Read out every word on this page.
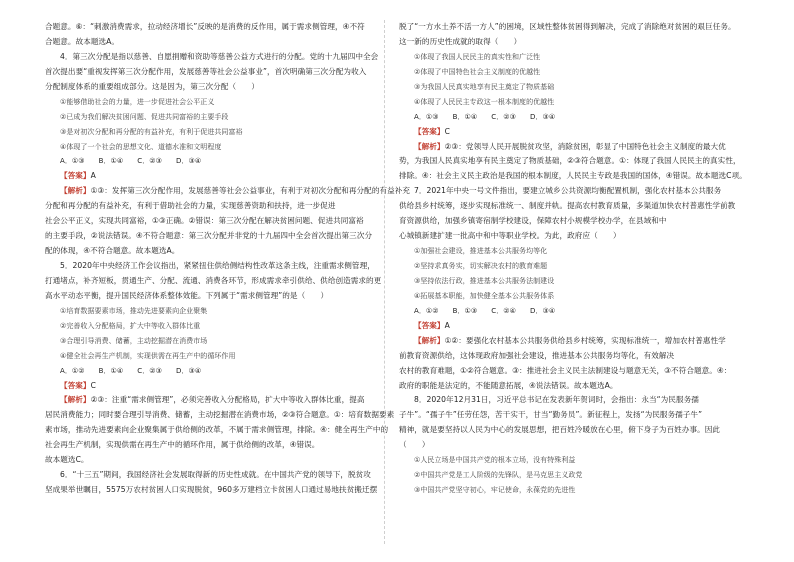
合题意。⑥：“刺激消费需求，拉动经济增长”反映的是消费的反作用，属于需求侧管理，④不符
合题意。故本题选A。
4．第三次分配是指以慈善、自愿捐赠和资助等慈善公益方式进行的分配。党的十九届四中全会
首次提出要“重视发挥第三次分配作用，发展慈善等社会公益事业”，首次明确第三次分配为收入
分配制度体系的重要组成部分。这是因为，第三次分配（　　）
①能够借助社会的力量，进一步促进社会公平正义
②已成为我们解决贫困问题、促进共同富裕的主要手段
③是对初次分配和再分配的有益补充，有利于促进共同富裕
④体现了一个社会的思想文化、道德水准和文明程度
A．①③　　B．①④　　C．②③　　D．③④
【答案】A
【解析】①③：发挥第三次分配作用，发展慈善等社会公益事业，有利于对初次分配和再分配的有益补充
分配和再分配的有益补充，有利于借助社会的力量，实现慈善资助和扶持，进一步促进
社会公平正义，实现共同富裕，①③正确。②错误：第三次分配在解决贫困问题、促进共同富裕
的主要手段，②说法错误。④不符合题意：第三次分配并非党的十九届四中全会首次提出第三次分
配的体现，④不符合题意。故本题选A。
5．2020年中央经济工作会议指出，紧紧扭住供给侧结构性改革这条主线，注重需求侧管理，
打通堵点，补齐短板，贯通生产、分配、流通、消费各环节，形成需求牵引供给、供给创造需求的更
高水平动态平衡，提升国民经济体系整体效能。下列属于“需求侧管理”的是（　　）
①培育数据要素市场，推动先进要素向企业聚集
②完善收入分配格局，扩大中等收入群体比重
③合理引导消费、储蓄，主动挖掘潜在消费市场
④健全社会再生产机制，实现供需在再生产中的循环作用
A．①②　　B．①④　　C．②③　　D．③④
【答案】C
【解析】②③：注重“需求侧管理”，必须完善收入分配格局，扩大中等收入群体比重，提高
居民消费能力；同时要合理引导消费、储蓄，主动挖掘潜在消费市场，②③符合题意。①：培育数据要素
素市场，推动先进要素向企业聚集属于供给侧的改革，不属于需求侧管理，排除。④：健全再生产中的
社会再生产机制，实现供需在再生产中的循环作用，属于供给侧的改革，④错误。
故本题选C。
6．“十三五”期间，我国经济社会发展取得新的历史性成就。在中国共产党的领导下，脱贫攻
坚成果举世瞩目，5575万农村贫困人口实现脱贫，960多万建档立卡贫困人口通过易地扶贫搬迁摆
脱了“一方水土养不活一方人”的困境，区域性整体贫困得到解决，完成了消除绝对贫困的艰巨任务。
这一新的历史性成就的取得（　　）
①体现了我国人民民主的真实性和广泛性
②体现了中国特色社会主义制度的优越性
③为我国人民真实地享有民主奠定了物质基础
④体现了人民民主专政这一根本制度的优越性
A．①③　　B．①④　　C．②③　　D．③④
【答案】C
【解析】②③：党领导人民开展脱贫攻坚，消除贫困，彰显了中国特色社会主义制度的最大优
势，为我国人民真实地享有民主奠定了物质基础，②③符合题意。①：体现了我国人民民主的真实性，
排除。④：社会主义民主政治是我国的根本制度，人民民主专政是我国的国体，④错误。故本题选C项。
7．2021年中央一号文件指出，要建立城乡公共资源均衡配置机制，强化农村基本公共服务
供给县乡村统筹，逐步实现标准统一、制度并轨。提高农村教育质量，多渠道加快农村普惠性学前教
育资源供给，加强乡镇寄宿制学校建设，保障农村小规模学校办学，在县域和中
心城镇新建扩建一批高中和中等职业学校。为此，政府应（　　）
①加强社会建设，推进基本公共服务均等化
②坚持求真务实，切实解决农村的教育难题
③坚持依法行政，推进基本公共服务法制建设
④拓展基本职能，加快健全基本公共服务体系
A．①②　　B．①③　　C．②④　　D．③④
【答案】A
【解析】①②：要强化农村基本公共服务供给县乡村统筹，实现标准统一，增加农村普惠性学
前教育资源供给，这体现政府加强社会建设，推进基本公共服务均等化，有效解决
农村的教育难题，①②符合题意。③：推进社会主义民主法制建设与题意无关，③不符合题意。④：
政府的职能是法定的，不能随意拓展，④说法错误。故本题选A。
8．2020年12月31日，习近平总书记在发表新年贺词时，会指出：永当“为民服务孺
子牛”。“孺子牛”任劳任怨，苦干实干，甘当“勤务员”。新征程上，发扬“为民服务孺子牛”
精神，就是要坚持以人民为中心的发展思想，把百姓冷暖放在心里，俯下身子为百姓办事。因此
（　　）
①人民立场是中国共产党的根本立场，没有特殊利益
②中国共产党是工人阶级的先锋队，是马克思主义政党
③中国共产党坚守初心，牢记使命，永葆党的先进性
